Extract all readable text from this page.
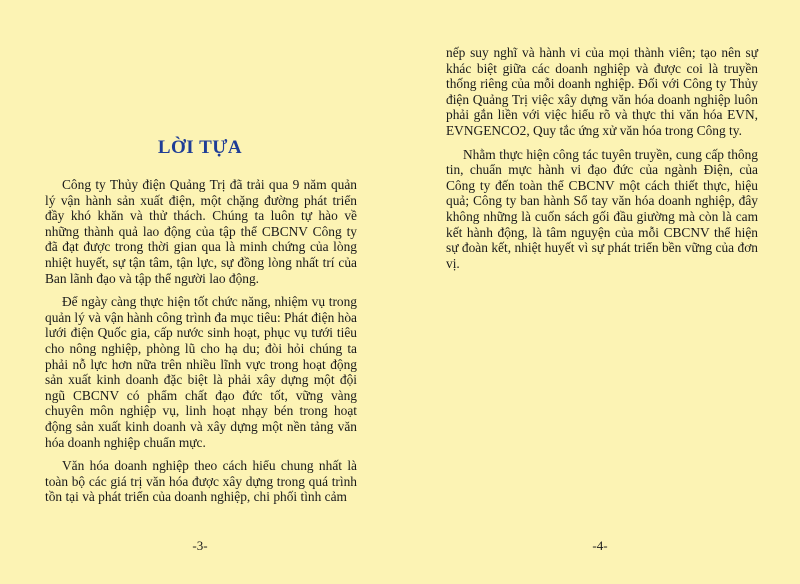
LỜI TỰA

Công ty Thủy điện Quảng Trị đã trải qua 9 năm quản lý vận hành sản xuất điện, một chặng đường phát triển đầy khó khăn và thử thách. Chúng ta luôn tự hào về những thành quả lao động của tập thể CBCNV Công ty đã đạt được trong thời gian qua là minh chứng của lòng nhiệt huyết, sự tận tâm, tận lực, sự đồng lòng nhất trí của Ban lãnh đạo và tập thể người lao động.

Để ngày càng thực hiện tốt chức năng, nhiệm vụ trong quản lý và vận hành công trình đa mục tiêu: Phát điện hòa lưới điện Quốc gia, cấp nước sinh hoạt, phục vụ tưới tiêu cho nông nghiệp, phòng lũ cho hạ du; đòi hỏi chúng ta phải nỗ lực hơn nữa trên nhiều lĩnh vực trong hoạt động sản xuất kinh doanh đặc biệt là phải xây dựng một đội ngũ CBCNV có phẩm chất đạo đức tốt, vững vàng chuyên môn nghiệp vụ, linh hoạt nhạy bén trong hoạt động sản xuất kinh doanh và xây dựng một nền tảng văn hóa doanh nghiệp chuẩn mực.

Văn hóa doanh nghiệp theo cách hiểu chung nhất là toàn bộ các giá trị văn hóa được xây dựng trong quá trình tồn tại và phát triển của doanh nghiệp, chi phối tình cảm

-3-

nếp suy nghĩ và hành vi của mọi thành viên; tạo nên sự khác biệt giữa các doanh nghiệp và được coi là truyền thống riêng của mỗi doanh nghiệp. Đối với Công ty Thủy điện Quảng Trị việc xây dựng văn hóa doanh nghiệp luôn phải gắn liền với việc hiểu rõ và thực thi văn hóa EVN, EVNGENCO2, Quy tắc ứng xử văn hóa trong Công ty.

Nhằm thực hiện công tác tuyên truyền, cung cấp thông tin, chuẩn mực hành vi đạo đức của ngành Điện, của Công ty đến toàn thể CBCNV một cách thiết thực, hiệu quả; Công ty ban hành Sổ tay văn hóa doanh nghiệp, đây không những là cuốn sách gối đầu giường mà còn là cam kết hành động, là tâm nguyện của mỗi CBCNV thể hiện sự đoàn kết, nhiệt huyết vì sự phát triển bền vững của đơn vị.

-4-
